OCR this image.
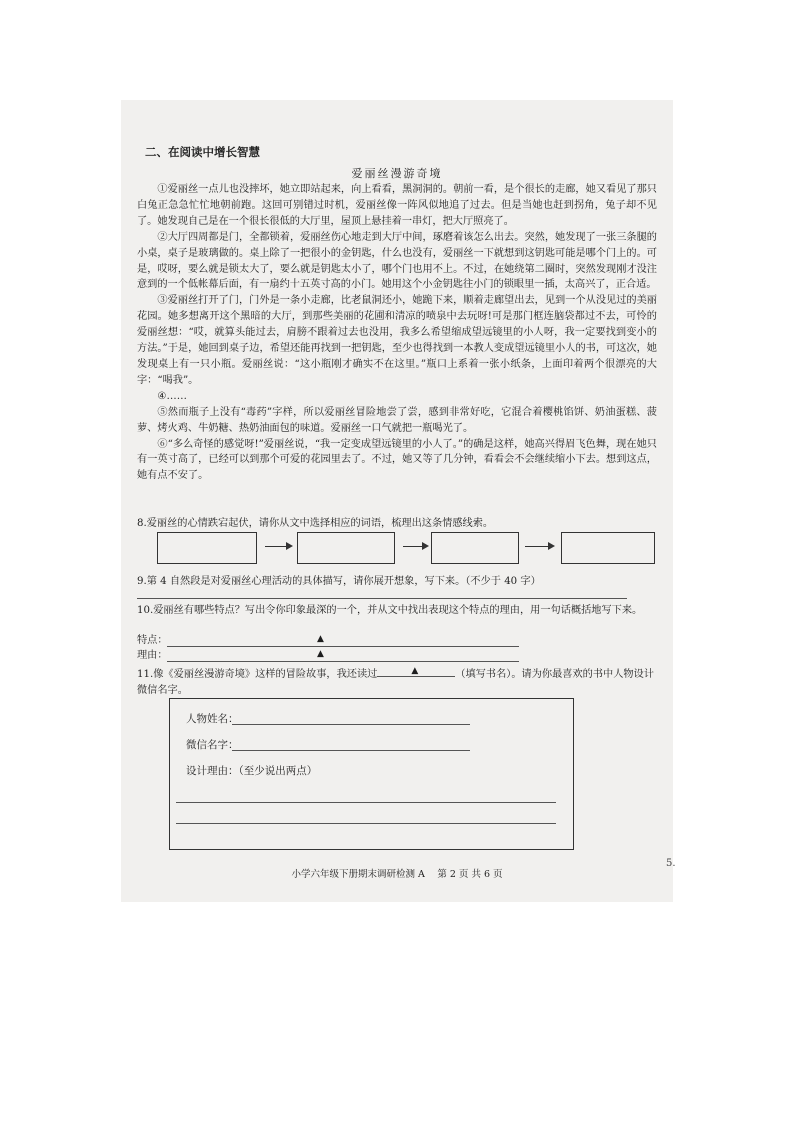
二、在阅读中增长智慧
爱丽丝漫游奇境

①爱丽丝一点儿也没摔坏，她立即站起来，向上看看，黑洞洞的。朝前一看，是个很长的走廊，她又看见了那只白兔正急急忙忙地朝前跑。这回可别错过时机，爱丽丝像一阵风似地追了过去。但是当她也赶到拐角，兔子却不见了。她发现自己是在一个很长很低的大厅里，屋顶上悬挂着一串灯，把大厅照亮了。

②大厅四周都是门，全都锁着，爱丽丝伤心地走到大厅中间，琢磨着该怎么出去。突然，她发现了一张三条腿的小桌，桌子是玻璃做的。桌上除了一把很小的金钥匙，什么也没有，爱丽丝一下就想到这钥匙可能是哪个门上的。可是，哎呀，要么就是锁太大了，要么就是钥匙太小了，哪个门也用不上。不过，在她绕第二圈时，突然发现刚才没注意到的一个低帐幕后面，有一扇约十五英寸高的小门。她用这个小金钥匙往小门的锁眼里一插，太高兴了，正合适。

③爱丽丝打开了门，门外是一条小走廊，比老鼠洞还小，她跪下来，顺着走廊望出去，见到一个从没见过的美丽花园。她多想离开这个黑暗的大厅，到那些美丽的花圃和清凉的喷泉中去玩呀!可是那门框连脑袋都过不去，可怜的爱丽丝想：“哎，就算头能过去，肩膀不跟着过去也没用，我多么希望缩成望远镜里的小人呀，我一定要找到变小的方法。”于是，她回到桌子边，希望还能再找到一把钥匙，至少也得找到一本教人变成望远镜里小人的书，可这次，她发现桌上有一只小瓶。爱丽丝说：“这小瓶刚才确实不在这里。”瓶口上系着一张小纸条，上面印着两个很漂亮的大字：“喝我”。

④……

⑤然而瓶子上没有“毒药”字样，所以爱丽丝冒险地尝了尝，感到非常好吃，它混合着樱桃馅饼、奶油蛋糕、菠萝、烤火鸡、牛奶糖、热奶油面包的味道。爱丽丝一口气就把一瓶喝光了。

⑥“多么奇怪的感觉呀!”爱丽丝说，“我一定变成望远镜里的小人了。”的确是这样，她高兴得眉飞色舞，现在她只有一英寸高了，已经可以到那个可爱的花园里去了。不过，她又等了几分钟，看看会不会继续缩小下去。想到这点，她有点不安了。

8.爱丽丝的心情跌宕起伏，请你从文中选择相应的词语，梳理出这条情感线索。
9.第 4 自然段是对爱丽丝心理活动的具体描写，请你展开想象，写下来。（不少于 40 字）
10.爱丽丝有哪些特点？写出令你印象最深的一个，并从文中找出表现这个特点的理由，用一句话概括地写下来。
特点：	▲
理由：	▲
11.像《爱丽丝漫游奇境》这样的冒险故事，我还读过	▲	（填写书名）。请为你最喜欢的书中人物设计微信名字。
人物姓名：
微信名字：
设计理由：（至少说出两点）
小学六年级下册期末调研检测 A　 第 2 页 共 6 页
5.
